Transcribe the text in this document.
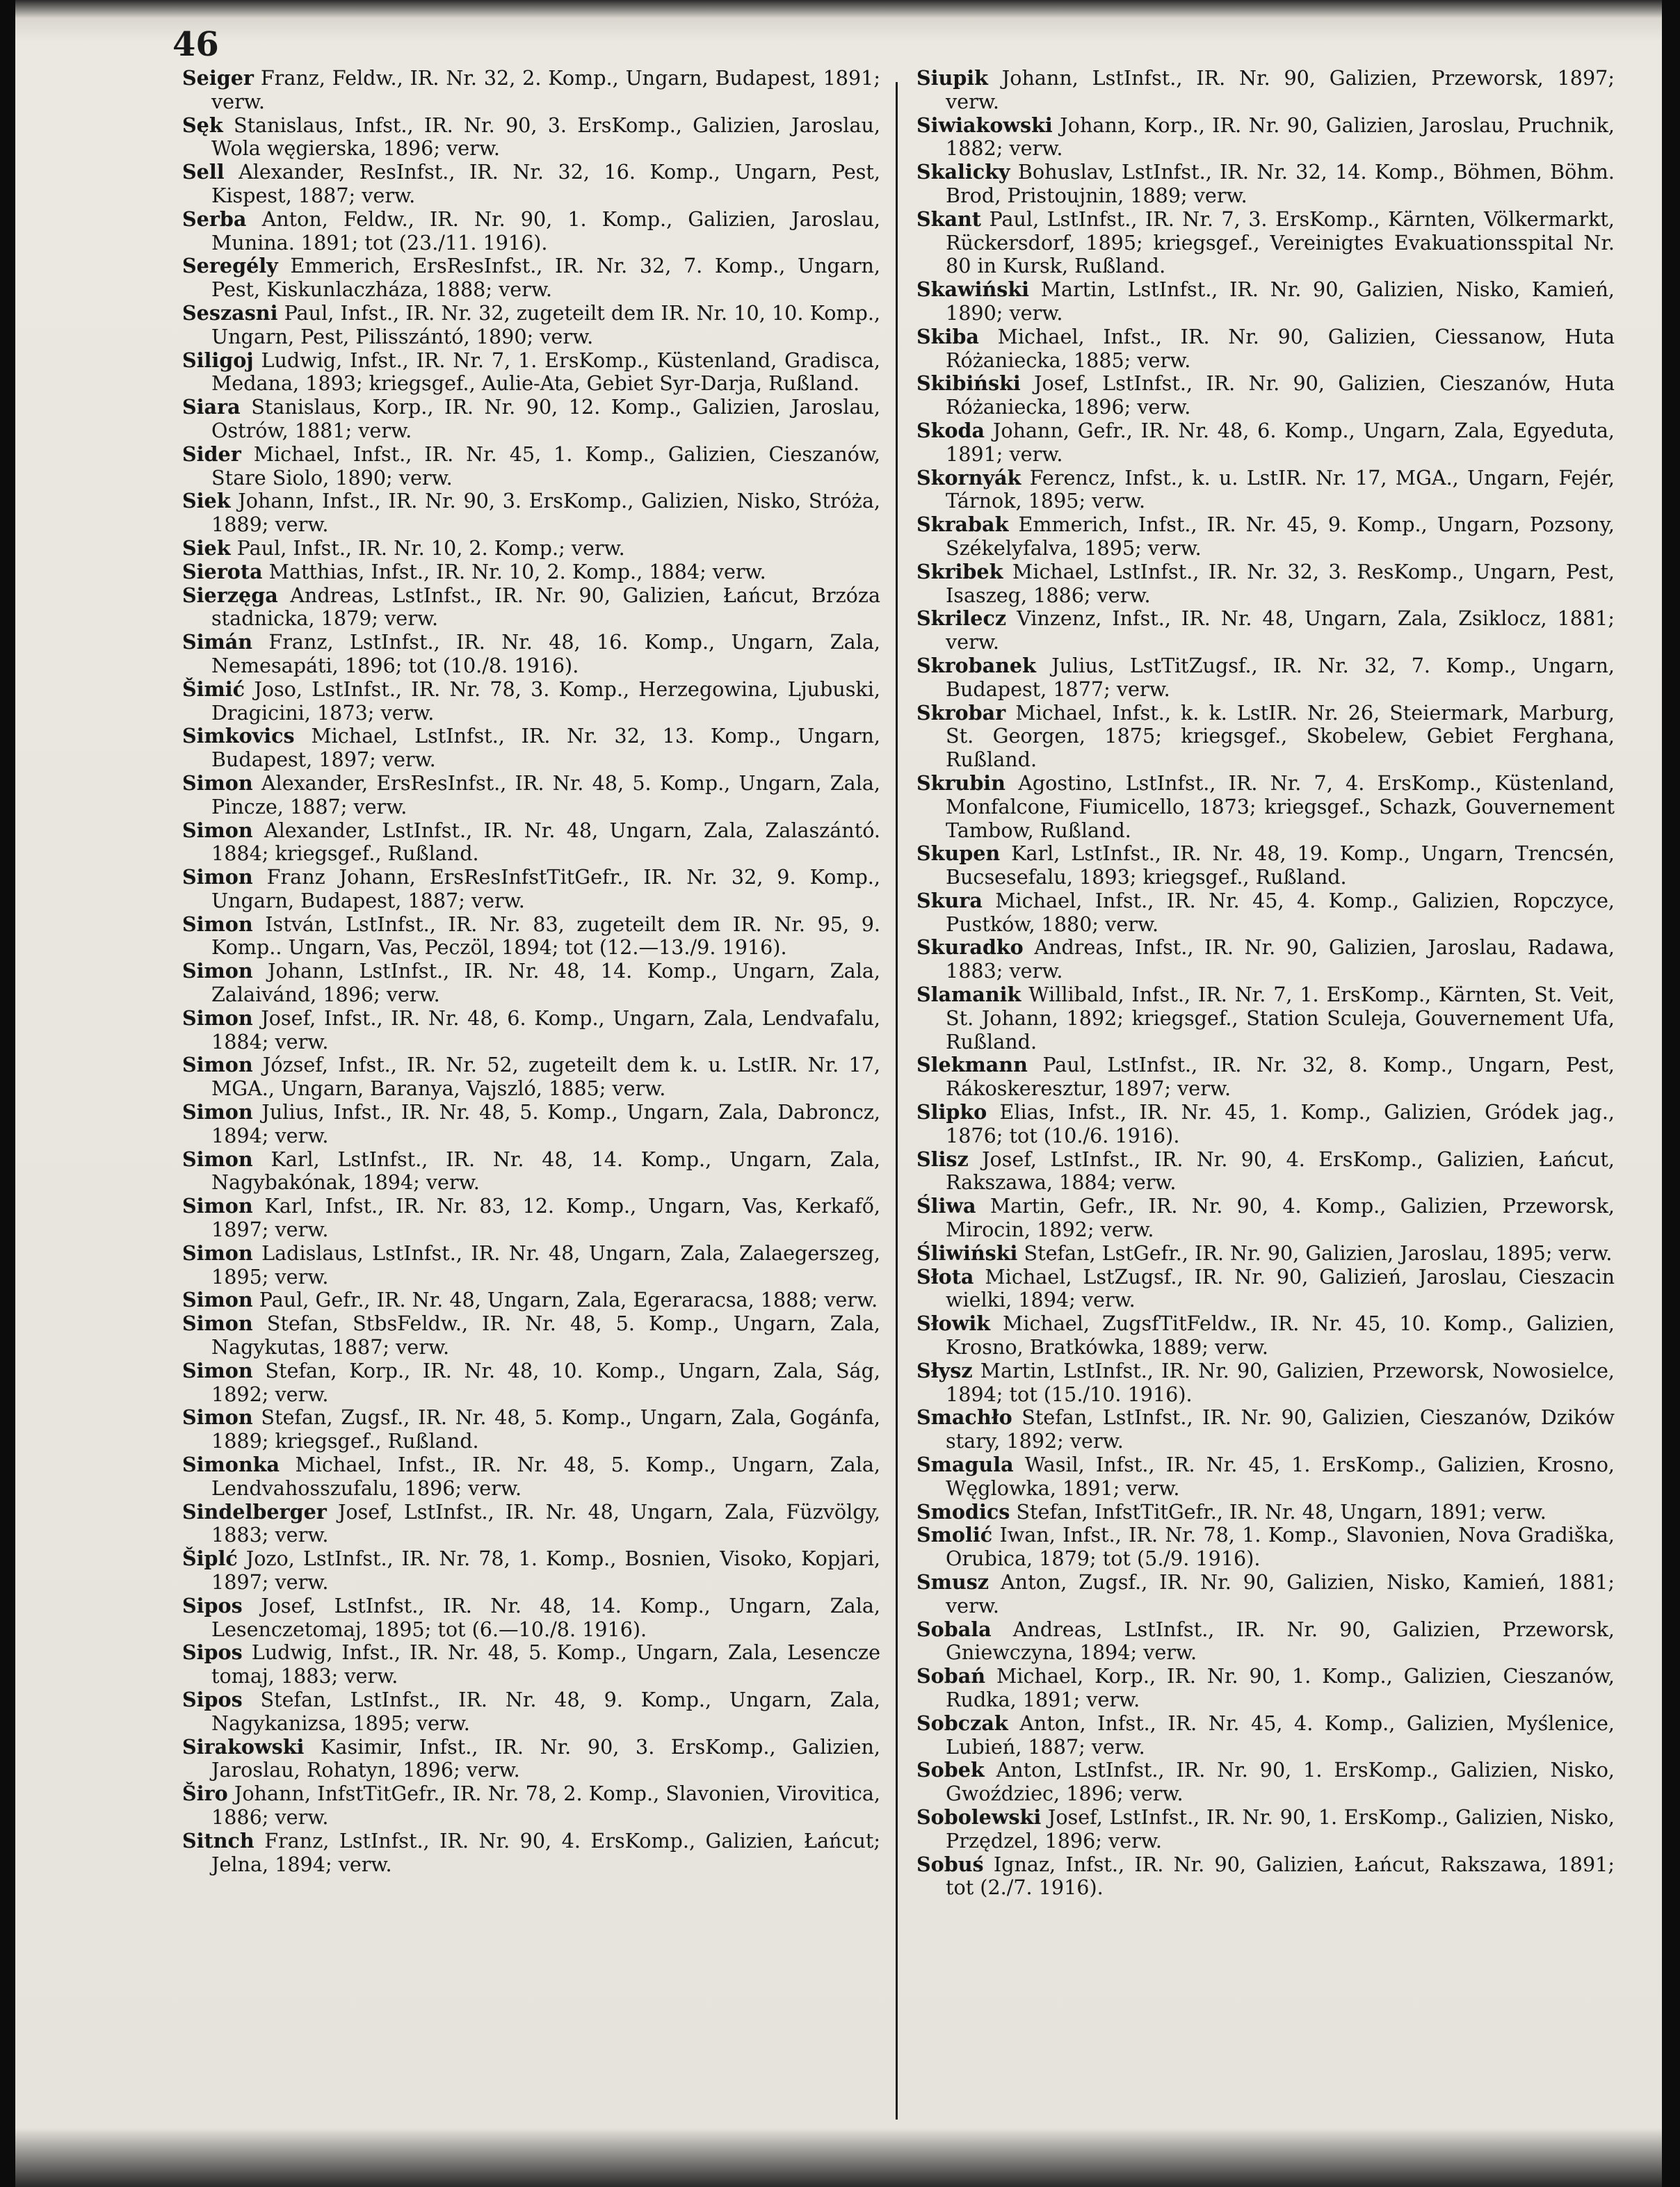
46

Seiger Franz, Feldw., IR. Nr. 32, 2. Komp., Ungarn, Budapest, 1891; verw.

Sęk Stanislaus, Infst., IR. Nr. 90, 3. ErsKomp., Galizien, Jaroslau, Wola węgierska, 1896; verw.

Sell Alexander, ResInfst., IR. Nr. 32, 16. Komp., Ungarn, Pest, Kispest, 1887; verw.

Serba Anton, Feldw., IR. Nr. 90, 1. Komp., Galizien, Jaroslau, Munina. 1891; tot (23./11. 1916).

Seregély Emmerich, ErsResInfst., IR. Nr. 32, 7. Komp., Ungarn, Pest, Kiskunlaczháza, 1888; verw.

Seszasni Paul, Infst., IR. Nr. 32, zugeteilt dem IR. Nr. 10, 10. Komp., Ungarn, Pest, Pilisszántó, 1890; verw.

Siligoj Ludwig, Infst., IR. Nr. 7, 1. ErsKomp., Küstenland, Gradisca, Medana, 1893; kriegsgef., Aulie-Ata, Gebiet Syr-Darja, Rußland.

Siara Stanislaus, Korp., IR. Nr. 90, 12. Komp., Galizien, Jaroslau, Ostrów, 1881; verw.

Sider Michael, Infst., IR. Nr. 45, 1. Komp., Galizien, Cieszanów, Stare Siolo, 1890; verw.

Siek Johann, Infst., IR. Nr. 90, 3. ErsKomp., Galizien, Nisko, Stróża, 1889; verw.

Siek Paul, Infst., IR. Nr. 10, 2. Komp.; verw.

Sierota Matthias, Infst., IR. Nr. 10, 2. Komp., 1884; verw.

Sierzęga Andreas, LstInfst., IR. Nr. 90, Galizien, Łańcut, Brzóza stadnicka, 1879; verw.

Simán Franz, LstInfst., IR. Nr. 48, 16. Komp., Ungarn, Zala, Nemesapáti, 1896; tot (10./8. 1916).

Šimić Joso, LstInfst., IR. Nr. 78, 3. Komp., Herzegowina, Ljubuski, Dragicini, 1873; verw.

Simkovics Michael, LstInfst., IR. Nr. 32, 13. Komp., Ungarn, Budapest, 1897; verw.

Simon Alexander, ErsResInfst., IR. Nr. 48, 5. Komp., Ungarn, Zala, Pincze, 1887; verw.

Simon Alexander, LstInfst., IR. Nr. 48, Ungarn, Zala, Zalaszántó. 1884; kriegsgef., Rußland.

Simon Franz Johann, ErsResInfstTitGefr., IR. Nr. 32, 9. Komp., Ungarn, Budapest, 1887; verw.

Simon István, LstInfst., IR. Nr. 83, zugeteilt dem IR. Nr. 95, 9. Komp.. Ungarn, Vas, Peczöl, 1894; tot (12.—13./9. 1916).

Simon Johann, LstInfst., IR. Nr. 48, 14. Komp., Ungarn, Zala, Zalaivánd, 1896; verw.

Simon Josef, Infst., IR. Nr. 48, 6. Komp., Ungarn, Zala, Lendvafalu, 1884; verw.

Simon József, Infst., IR. Nr. 52, zugeteilt dem k. u. LstIR. Nr. 17, MGA., Ungarn, Baranya, Vajszló, 1885; verw.

Simon Julius, Infst., IR. Nr. 48, 5. Komp., Ungarn, Zala, Dabroncz, 1894; verw.

Simon Karl, LstInfst., IR. Nr. 48, 14. Komp., Ungarn, Zala, Nagybakónak, 1894; verw.

Simon Karl, Infst., IR. Nr. 83, 12. Komp., Ungarn, Vas, Kerkafő, 1897; verw.

Simon Ladislaus, LstInfst., IR. Nr. 48, Ungarn, Zala, Zalaegerszeg, 1895; verw.

Simon Paul, Gefr., IR. Nr. 48, Ungarn, Zala, Egeraracsa, 1888; verw.

Simon Stefan, StbsFeldw., IR. Nr. 48, 5. Komp., Ungarn, Zala, Nagykutas, 1887; verw.

Simon Stefan, Korp., IR. Nr. 48, 10. Komp., Ungarn, Zala, Ság, 1892; verw.

Simon Stefan, Zugsf., IR. Nr. 48, 5. Komp., Ungarn, Zala, Gogánfa, 1889; kriegsgef., Rußland.

Simonka Michael, Infst., IR. Nr. 48, 5. Komp., Ungarn, Zala, Lendvahosszufalu, 1896; verw.

Sindelberger Josef, LstInfst., IR. Nr. 48, Ungarn, Zala, Füzvölgy, 1883; verw.

Šiplć Jozo, LstInfst., IR. Nr. 78, 1. Komp., Bosnien, Visoko, Kopjari, 1897; verw.

Sipos Josef, LstInfst., IR. Nr. 48, 14. Komp., Ungarn, Zala, Lesenczetomaj, 1895; tot (6.—10./8. 1916).

Sipos Ludwig, Infst., IR. Nr. 48, 5. Komp., Ungarn, Zala, Lesencze tomaj, 1883; verw.

Sipos Stefan, LstInfst., IR. Nr. 48, 9. Komp., Ungarn, Zala, Nagykanizsa, 1895; verw.

Sirakowski Kasimir, Infst., IR. Nr. 90, 3. ErsKomp., Galizien, Jaroslau, Rohatyn, 1896; verw.

Širo Johann, InfstTitGefr., IR. Nr. 78, 2. Komp., Slavonien, Virovitica, 1886; verw.

Sitnch Franz, LstInfst., IR. Nr. 90, 4. ErsKomp., Galizien, Łańcut; Jelna, 1894; verw.

Siupik Johann, LstInfst., IR. Nr. 90, Galizien, Przeworsk, 1897; verw.

Siwiakowski Johann, Korp., IR. Nr. 90, Galizien, Jaroslau, Pruchnik, 1882; verw.

Skalicky Bohuslav, LstInfst., IR. Nr. 32, 14. Komp., Böhmen, Böhm. Brod, Pristoujnin, 1889; verw.

Skant Paul, LstInfst., IR. Nr. 7, 3. ErsKomp., Kärnten, Völkermarkt, Rückersdorf, 1895; kriegsgef., Vereinigtes Evakuationsspital Nr. 80 in Kursk, Rußland.

Skawiński Martin, LstInfst., IR. Nr. 90, Galizien, Nisko, Kamień, 1890; verw.

Skiba Michael, Infst., IR. Nr. 90, Galizien, Ciessanow, Huta Różaniecka, 1885; verw.

Skibiński Josef, LstInfst., IR. Nr. 90, Galizien, Cieszanów, Huta Różaniecka, 1896; verw.

Skoda Johann, Gefr., IR. Nr. 48, 6. Komp., Ungarn, Zala, Egyeduta, 1891; verw.

Skornyák Ferencz, Infst., k. u. LstIR. Nr. 17, MGA., Ungarn, Fejér, Tárnok, 1895; verw.

Skrabak Emmerich, Infst., IR. Nr. 45, 9. Komp., Ungarn, Pozsony, Székelyfalva, 1895; verw.

Skribek Michael, LstInfst., IR. Nr. 32, 3. ResKomp., Ungarn, Pest, Isaszeg, 1886; verw.

Skrilecz Vinzenz, Infst., IR. Nr. 48, Ungarn, Zala, Zsiklocz, 1881; verw.

Skrobanek Julius, LstTitZugsf., IR. Nr. 32, 7. Komp., Ungarn, Budapest, 1877; verw.

Skrobar Michael, Infst., k. k. LstIR. Nr. 26, Steiermark, Marburg, St. Georgen, 1875; kriegsgef., Skobelew, Gebiet Ferghana, Rußland.

Skrubin Agostino, LstInfst., IR. Nr. 7, 4. ErsKomp., Küstenland, Monfalcone, Fiumicello, 1873; kriegsgef., Schazk, Gouvernement Tambow, Rußland.

Skupen Karl, LstInfst., IR. Nr. 48, 19. Komp., Ungarn, Trencsén, Bucsesefalu, 1893; kriegsgef., Rußland.

Skura Michael, Infst., IR. Nr. 45, 4. Komp., Galizien, Ropczyce, Pustków, 1880; verw.

Skuradko Andreas, Infst., IR. Nr. 90, Galizien, Jaroslau, Radawa, 1883; verw.

Slamanik Willibald, Infst., IR. Nr. 7, 1. ErsKomp., Kärnten, St. Veit, St. Johann, 1892; kriegsgef., Station Sculeja, Gouvernement Ufa, Rußland.

Slekmann Paul, LstInfst., IR. Nr. 32, 8. Komp., Ungarn, Pest, Rákoskeresztur, 1897; verw.

Slipko Elias, Infst., IR. Nr. 45, 1. Komp., Galizien, Gródek jag., 1876; tot (10./6. 1916).

Slisz Josef, LstInfst., IR. Nr. 90, 4. ErsKomp., Galizien, Łańcut, Rakszawa, 1884; verw.

Śliwa Martin, Gefr., IR. Nr. 90, 4. Komp., Galizien, Przeworsk, Mirocin, 1892; verw.

Śliwiński Stefan, LstGefr., IR. Nr. 90, Galizien, Jaroslau, 1895; verw.

Słota Michael, LstZugsf., IR. Nr. 90, Galizień, Jaroslau, Cieszacin wielki, 1894; verw.

Słowik Michael, ZugsfTitFeldw., IR. Nr. 45, 10. Komp., Galizien, Krosno, Bratkówka, 1889; verw.

Słysz Martin, LstInfst., IR. Nr. 90, Galizien, Przeworsk, Nowosielce, 1894; tot (15./10. 1916).

Smachło Stefan, LstInfst., IR. Nr. 90, Galizien, Cieszanów, Dzików stary, 1892; verw.

Smagula Wasil, Infst., IR. Nr. 45, 1. ErsKomp., Galizien, Krosno, Węglowka, 1891; verw.

Smodics Stefan, InfstTitGefr., IR. Nr. 48, Ungarn, 1891; verw.

Smolić Iwan, Infst., IR. Nr. 78, 1. Komp., Slavonien, Nova Gradiška, Orubica, 1879; tot (5./9. 1916).

Smusz Anton, Zugsf., IR. Nr. 90, Galizien, Nisko, Kamień, 1881; verw.

Sobala Andreas, LstInfst., IR. Nr. 90, Galizien, Przeworsk, Gniewczyna, 1894; verw.

Sobań Michael, Korp., IR. Nr. 90, 1. Komp., Galizien, Cieszanów, Rudka, 1891; verw.

Sobczak Anton, Infst., IR. Nr. 45, 4. Komp., Galizien, Myślenice, Lubień, 1887; verw.

Sobek Anton, LstInfst., IR. Nr. 90, 1. ErsKomp., Galizien, Nisko, Gwoździec, 1896; verw.

Sobolewski Josef, LstInfst., IR. Nr. 90, 1. ErsKomp., Galizien, Nisko, Przędzel, 1896; verw.

Sobuś Ignaz, Infst., IR. Nr. 90, Galizien, Łańcut, Rakszawa, 1891; tot (2./7. 1916).
